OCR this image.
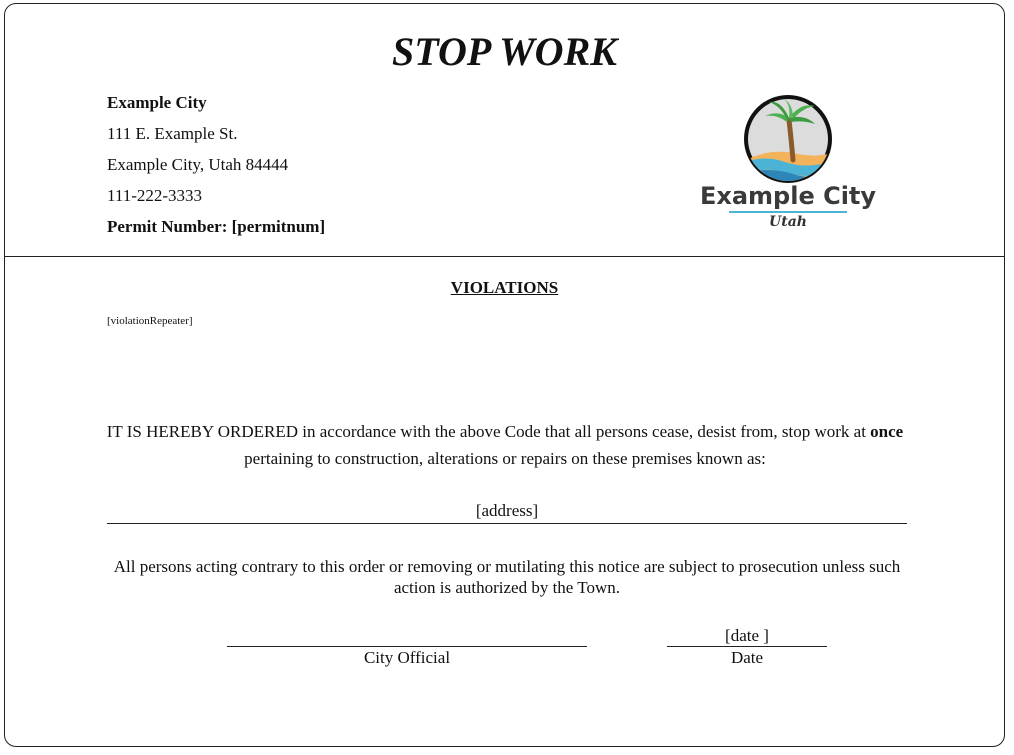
STOP WORK
Example City
111 E. Example St.
Example City, Utah 84444
111-222-3333
Permit Number: [permitnum]
Example City
Utah
VIOLATIONS
[violationRepeater]
IT IS HEREBY ORDERED in accordance with the above Code that all persons cease, desist from, stop work at once pertaining to construction, alterations or repairs on these premises known as:
[address]
All persons acting contrary to this order or removing or mutilating this notice are subject to prosecution unless such action is authorized by the Town.
City Official
[date ]
Date
